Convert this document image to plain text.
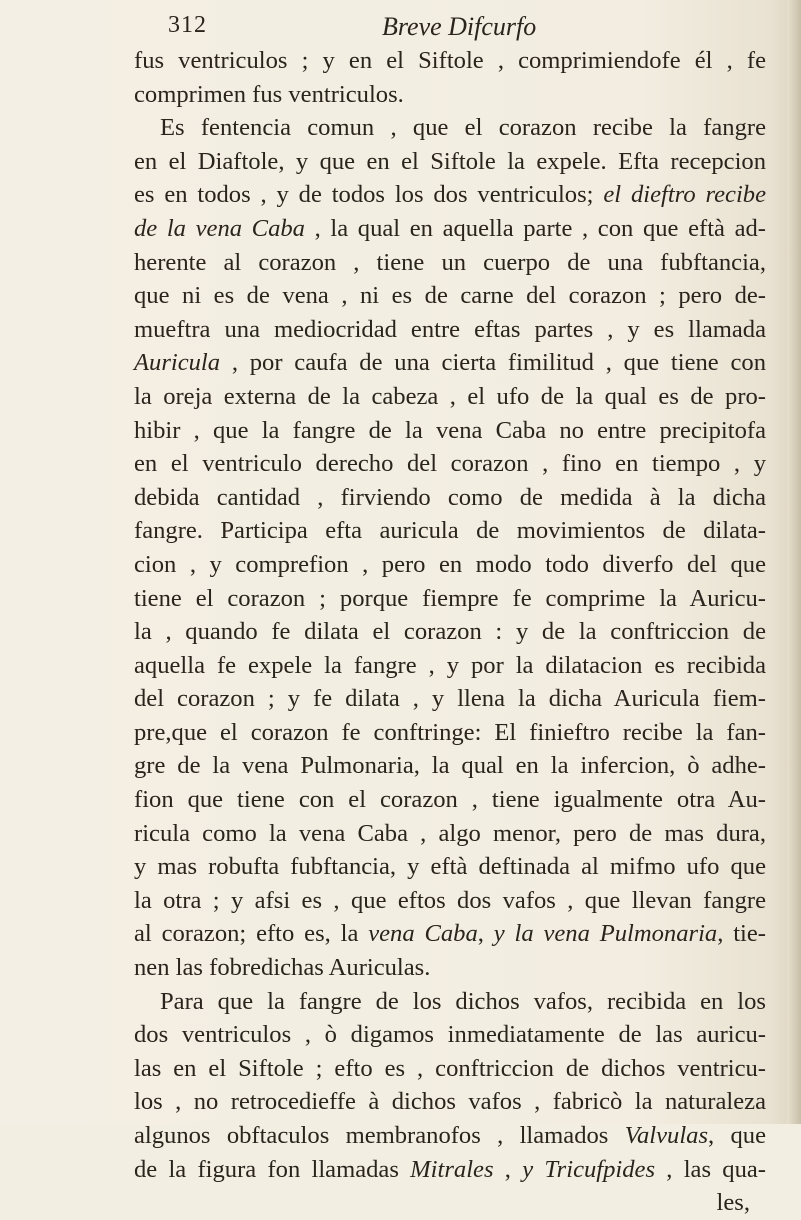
312	Breve Difcurfo
fus ventriculos ; y en el Siftole , comprimiendofe él , fe
comprimen fus ventriculos.
Es fentencia comun , que el corazon recibe la fangre
en el Diaftole, y que en el Siftole la expele. Efta recepcion
es en todos , y de todos los dos ventriculos; el dieftro recibe
de la vena Caba , la qual en aquella parte , con que eftà ad-
herente al corazon , tiene un cuerpo de una fubftancia,
que ni es de vena , ni es de carne del corazon ; pero de-
mueftra una mediocridad entre eftas partes , y es llamada
Auricula , por caufa de una cierta fimilitud , que tiene con
la oreja externa de la cabeza , el ufo de la qual es de pro-
hibir , que la fangre de la vena Caba no entre precipitofa
en el ventriculo derecho del corazon , fino en tiempo , y
debida cantidad , firviendo como de medida à la dicha
fangre. Participa efta auricula de movimientos de dilata-
cion , y comprefion , pero en modo todo diverfo del que
tiene el corazon ; porque fiempre fe comprime la Auricu-
la , quando fe dilata el corazon : y de la conftriccion de
aquella fe expele la fangre , y por la dilatacion es recibida
del corazon ; y fe dilata , y llena la dicha Auricula fiem-
pre,que el corazon fe conftringe: El finieftro recibe la fan-
gre de la vena Pulmonaria, la qual en la infercion, ò adhe-
fion que tiene con el corazon , tiene igualmente otra Au-
ricula como la vena Caba , algo menor, pero de mas dura,
y mas robufta fubftancia, y eftà deftinada al mifmo ufo que
la otra ; y afsi es , que eftos dos vafos , que llevan fangre
al corazon; efto es, la vena Caba, y la vena Pulmonaria, tie-
nen las fobredichas Auriculas.
Para que la fangre de los dichos vafos, recibida en los
dos ventriculos , ò digamos inmediatamente de las auricu-
las en el Siftole ; efto es , conftriccion de dichos ventricu-
los , no retrocedieffe à dichos vafos , fabricò la naturaleza
algunos obftaculos membranofos , llamados Valvulas, que
de la figura fon llamadas Mitrales , y Tricufpides , las qua-
les,
